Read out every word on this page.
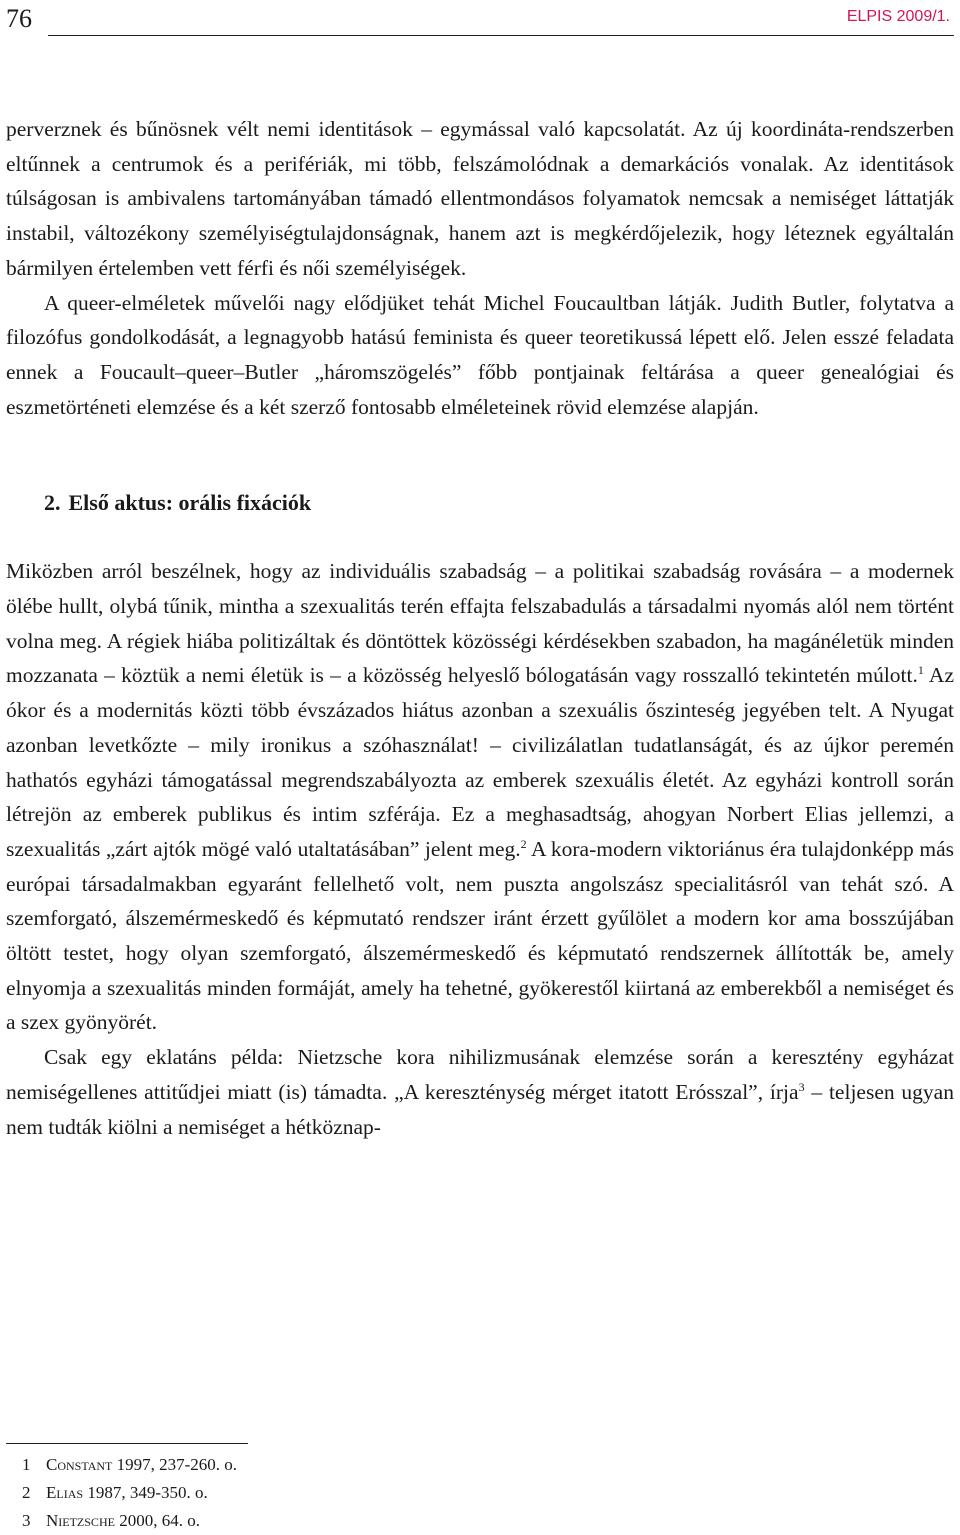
76	ELPIS 2009/1.

perverznek és bűnösnek vélt nemi identitások – egymással való kapcsolatát. Az új koordináta-rendszerben eltűnnek a centrumok és a perifériák, mi több, felszámolódnak a demarkációs vonalak. Az identitások túlságosan is ambivalens tartományában támadó ellentmondásos folyamatok nemcsak a nemiséget láttatják instabil, változékony személyiségtulajdonságnak, hanem azt is megkérdőjelezik, hogy léteznek egyáltalán bármilyen értelemben vett férfi és női személyiségek.

A queer-elméletek művelői nagy elődjüket tehát Michel Foucaultban látják. Judith Butler, folytatva a filozófus gondolkodását, a legnagyobb hatású feminista és queer teoretikussá lépett elő. Jelen esszé feladata ennek a Foucault–queer–Butler „háromszögelés” főbb pontjainak feltárása a queer genealógiai és eszmetörténeti elemzése és a két szerző fontosabb elméleteinek rövid elemzése alapján.

2. Első aktus: orális fixációk

Miközben arról beszélnek, hogy az individuális szabadság – a politikai szabadság rovására – a modernek ölébe hullt, olybá tűnik, mintha a szexualitás terén effajta felszabadulás a társadalmi nyomás alól nem történt volna meg. A régiek hiába politizáltak és döntöttek közösségi kérdésekben szabadon, ha magánéletük minden mozzanata – köztük a nemi életük is – a közösség helyeslő bólogatásán vagy rosszalló tekintetén múlott.$^1$ Az ókor és a modernitás közti több évszázados hiátus azonban a szexuális őszinteség jegyében telt. A Nyugat azonban levetkőzte – mily ironikus a szóhasználat! – civilizálatlan tudatlanságát, és az újkor peremén hathatós egyházi támogatással megrendszabályozta az emberek szexuális életét. Az egyházi kontroll során létrejön az emberek publikus és intim szférája. Ez a meghasadtság, ahogyan Norbert Elias jellemzi, a szexualitás „zárt ajtók mögé való utaltatásában” jelent meg.$^2$ A kora-modern viktoriánus éra tulajdonképp más európai társadalmakban egyaránt fellelhető volt, nem puszta angolszász specialitásról van tehát szó. A szemforgató, álszemérmeskedő és képmutató rendszer iránt érzett gyűlölet a modern kor ama bosszújában öltött testet, hogy olyan szemforgató, álszemérmeskedő és képmutató rendszernek állították be, amely elnyomja a szexualitás minden formáját, amely ha tehetné, gyökerestől kiirtaná az emberekből a nemiséget és a szex gyönyörét.

Csak egy eklatáns példa: Nietzsche kora nihilizmusának elemzése során a keresztény egyházat nemiségellenes attitűdjei miatt (is) támadta. „A kereszténység mérget itatott Erósszal”, írja$^3$ – teljesen ugyan nem tudták kiölni a nemiséget a hétköznap-

1 Constant 1997, 237-260. o.

2 Elias 1987, 349-350. o.

3 Nietzsche 2000, 64. o.
